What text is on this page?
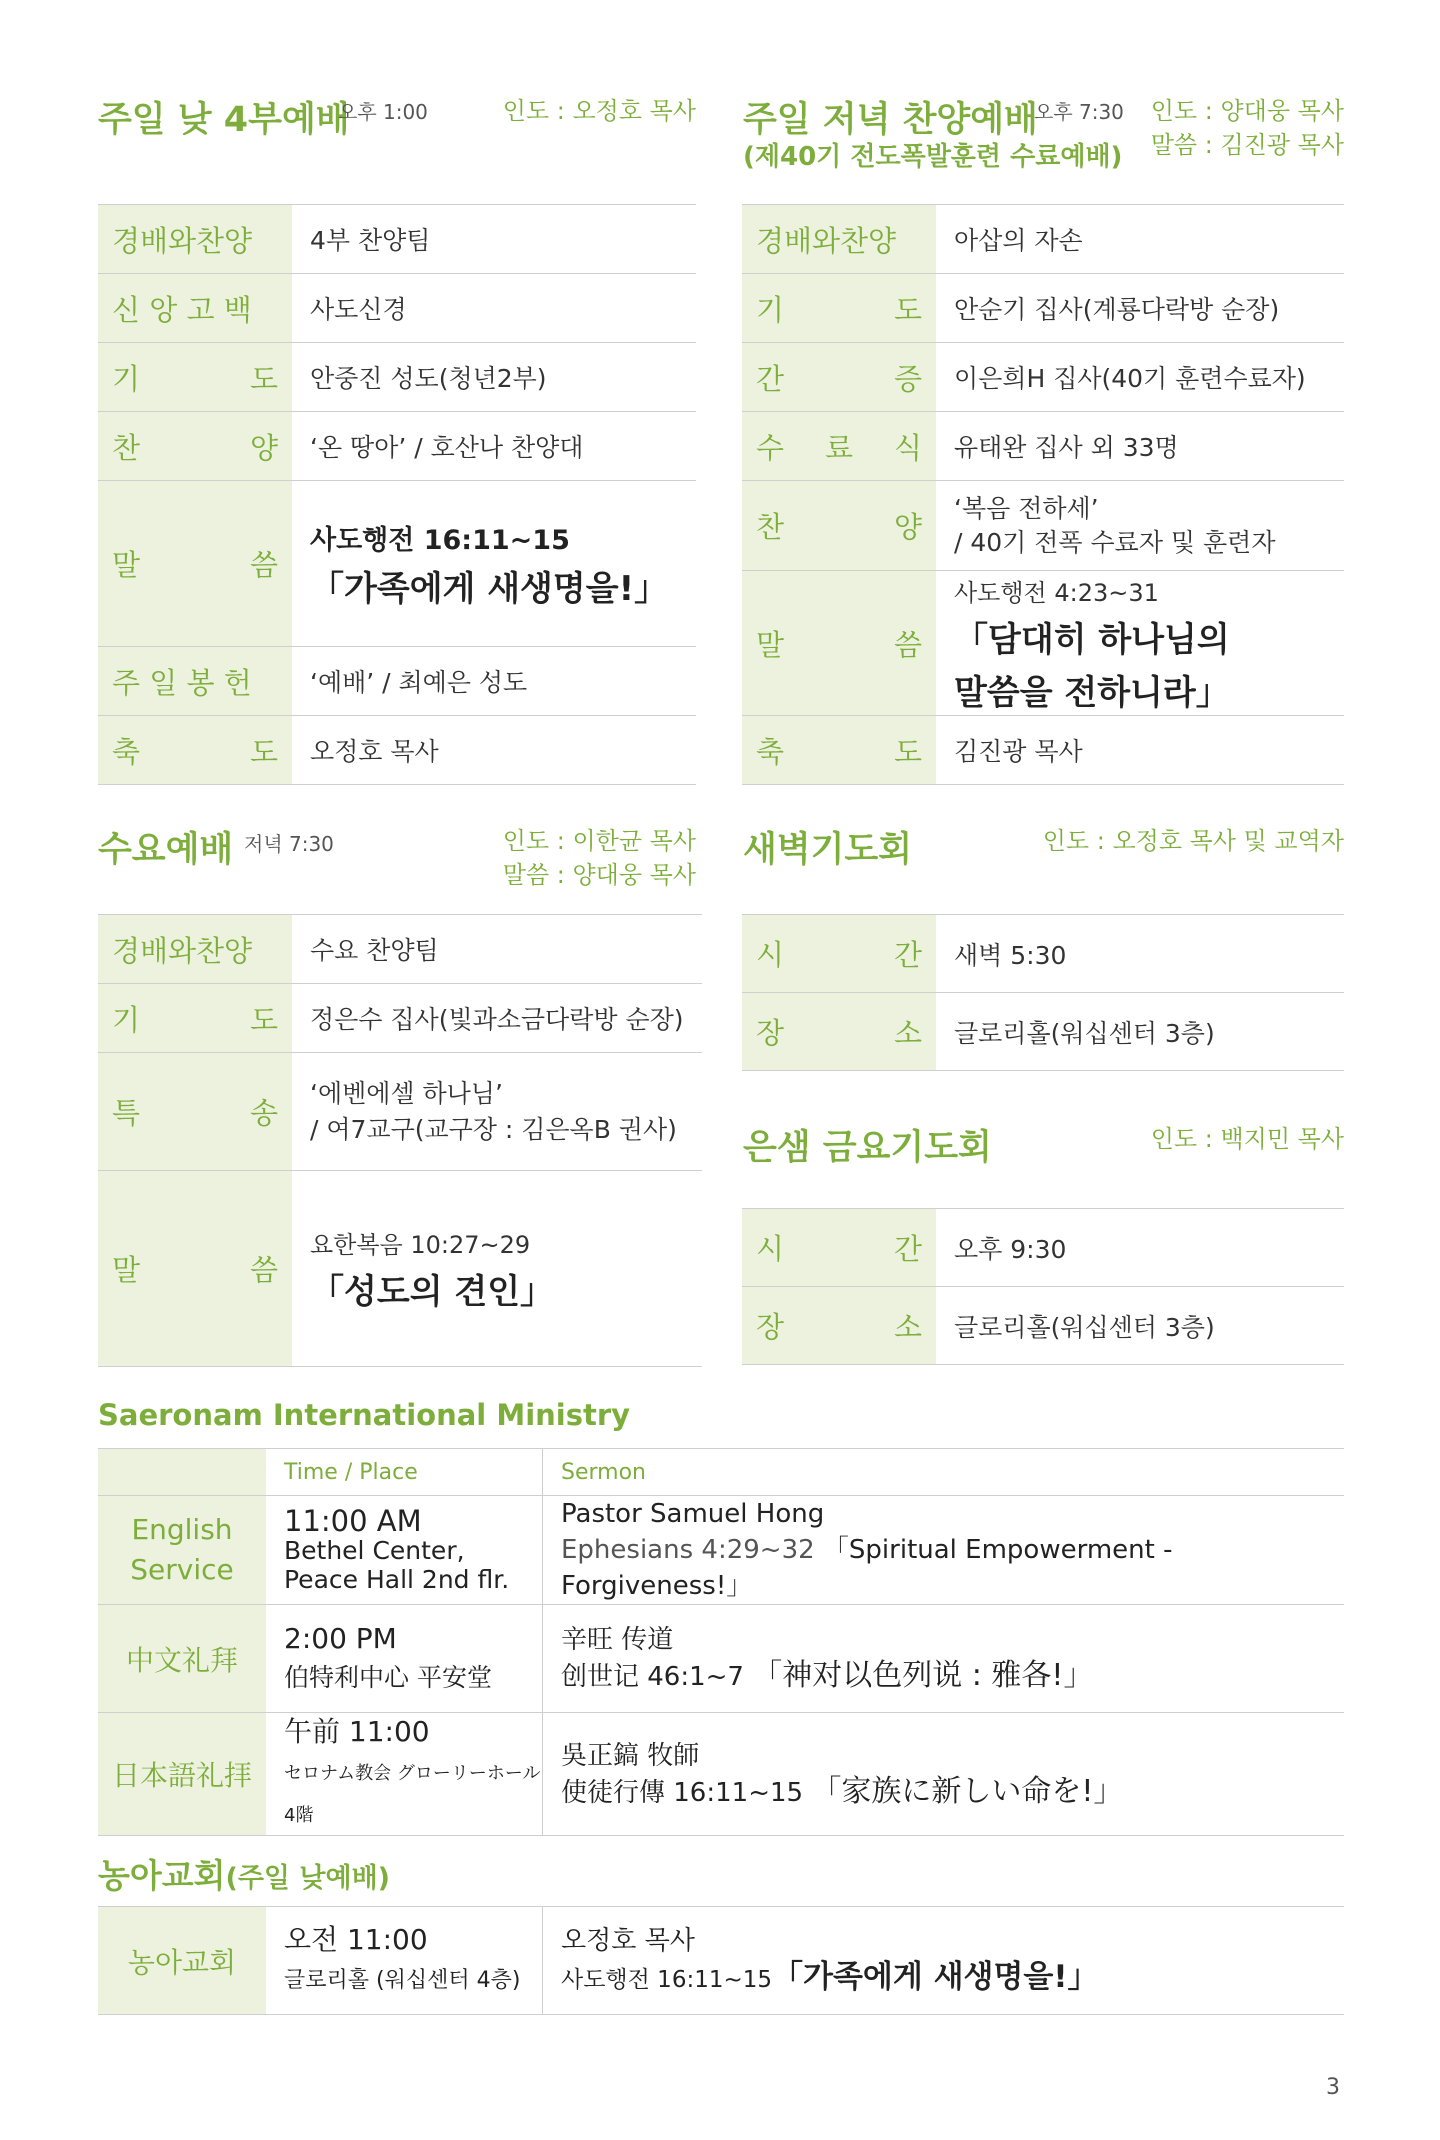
주일 낮 4부예배
오후 1:00	인도 : 오정호 목사
경배와찬양	4부 찬양팀
신 앙 고 백	사도신경

기 도	안중진 성도(청년2부)

찬 양	‘온 땅아’ / 호산나 찬양대

말 씀	사도행전 16:11~15
「가족에게 새생명을!」

주 일 봉 헌	‘예배’ / 최예은 성도

축 도	오정호 목사
주일 저녁 찬양예배
오후 7:30
(제40기 전도폭발훈련 수료예배)
인도 : 양대웅 목사
말씀 : 김진광 목사
경배와찬양	아삽의 자손

기 도	안순기 집사(계룡다락방 순장)

간 증	이은희H 집사(40기 훈련수료자)

수 료 식	유태완 집사 외 33명

찬 양	‘복음 전하세’
/ 40기 전폭 수료자 및 훈련자

말 씀	사도행전 4:23~31
「담대히 하나님의
말씀을 전하니라」

축 도	김진광 목사
수요예배 저녁 7:30	인도 : 이한균 목사
말씀 : 양대웅 목사
경배와찬양	수요 찬양팀

기 도	정은수 집사(빛과소금다락방 순장)

특 송	‘에벤에셀 하나님’
/ 여7교구(교구장 : 김은옥B 권사)

말 씀	요한복음 10:27~29
「성도의 견인」
새벽기도회	인도 : 오정호 목사 및 교역자
시 간	새벽 5:30

장 소	글로리홀(워십센터 3층)
은샘 금요기도회	인도 : 백지민 목사
시 간	오후 9:30

장 소	글로리홀(워십센터 3층)
Saeronam International Ministry
	Time / Place	Sermon
English
Service	11:00 AM
Bethel Center,
Peace Hall 2nd flr.	Pastor Samuel Hong
Ephesians 4:29~32 「Spiritual Empowerment - Forgiveness!」
中文礼拜	2:00 PM
伯特利中心 平安堂	辛旺 传道
创世记 46:1~7 「神对以色列说 : 雅各!」
日本語礼拝	午前 11:00
セロナム教会 グローリーホール 4階	吳正鎬 牧師
使徒行傳 16:11~15 「家族に新しい命を!」
농아교회(주일 낮예배)
농아교회	오전 11:00
글로리홀 (워십센터 4층)	오정호 목사
사도행전 16:11~15「가족에게 새생명을!」
3
